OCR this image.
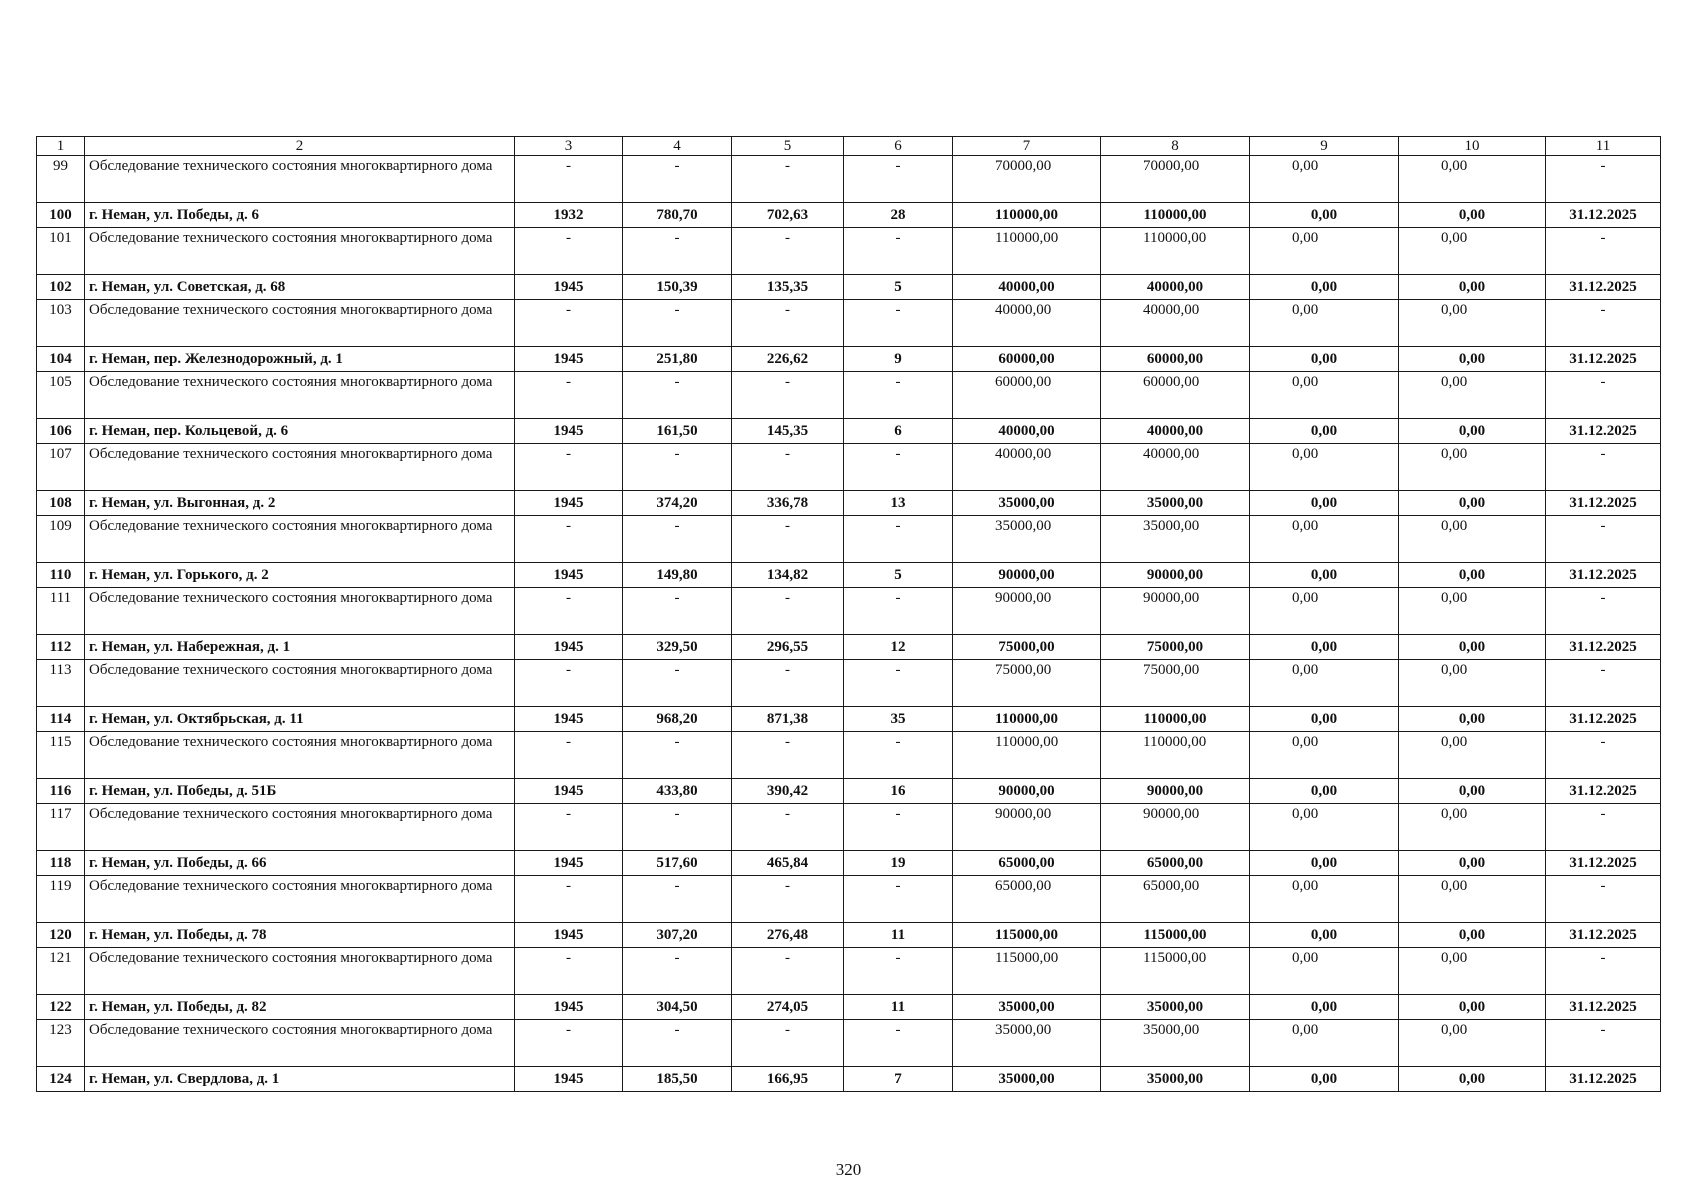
1	2	3	4	5	6	7	8	9	10	11
99	Обследование технического состояния многоквартирного дома	-	-	-	-	70000,00	70000,00	0,00	0,00	-
100	г. Неман, ул. Победы, д. 6	1932	780,70	702,63	28	110000,00	110000,00	0,00	0,00	31.12.2025
101	Обследование технического состояния многоквартирного дома	-	-	-	-	110000,00	110000,00	0,00	0,00	-
102	г. Неман, ул. Советская, д. 68	1945	150,39	135,35	5	40000,00	40000,00	0,00	0,00	31.12.2025
103	Обследование технического состояния многоквартирного дома	-	-	-	-	40000,00	40000,00	0,00	0,00	-
104	г. Неман, пер. Железнодорожный, д. 1	1945	251,80	226,62	9	60000,00	60000,00	0,00	0,00	31.12.2025
105	Обследование технического состояния многоквартирного дома	-	-	-	-	60000,00	60000,00	0,00	0,00	-
106	г. Неман, пер. Кольцевой, д. 6	1945	161,50	145,35	6	40000,00	40000,00	0,00	0,00	31.12.2025
107	Обследование технического состояния многоквартирного дома	-	-	-	-	40000,00	40000,00	0,00	0,00	-
108	г. Неман, ул. Выгонная, д. 2	1945	374,20	336,78	13	35000,00	35000,00	0,00	0,00	31.12.2025
109	Обследование технического состояния многоквартирного дома	-	-	-	-	35000,00	35000,00	0,00	0,00	-
110	г. Неман, ул. Горького, д. 2	1945	149,80	134,82	5	90000,00	90000,00	0,00	0,00	31.12.2025
111	Обследование технического состояния многоквартирного дома	-	-	-	-	90000,00	90000,00	0,00	0,00	-
112	г. Неман, ул. Набережная, д. 1	1945	329,50	296,55	12	75000,00	75000,00	0,00	0,00	31.12.2025
113	Обследование технического состояния многоквартирного дома	-	-	-	-	75000,00	75000,00	0,00	0,00	-
114	г. Неман, ул. Октябрьская, д. 11	1945	968,20	871,38	35	110000,00	110000,00	0,00	0,00	31.12.2025
115	Обследование технического состояния многоквартирного дома	-	-	-	-	110000,00	110000,00	0,00	0,00	-
116	г. Неман, ул. Победы, д. 51Б	1945	433,80	390,42	16	90000,00	90000,00	0,00	0,00	31.12.2025
117	Обследование технического состояния многоквартирного дома	-	-	-	-	90000,00	90000,00	0,00	0,00	-
118	г. Неман, ул. Победы, д. 66	1945	517,60	465,84	19	65000,00	65000,00	0,00	0,00	31.12.2025
119	Обследование технического состояния многоквартирного дома	-	-	-	-	65000,00	65000,00	0,00	0,00	-
120	г. Неман, ул. Победы, д. 78	1945	307,20	276,48	11	115000,00	115000,00	0,00	0,00	31.12.2025
121	Обследование технического состояния многоквартирного дома	-	-	-	-	115000,00	115000,00	0,00	0,00	-
122	г. Неман, ул. Победы, д. 82	1945	304,50	274,05	11	35000,00	35000,00	0,00	0,00	31.12.2025
123	Обследование технического состояния многоквартирного дома	-	-	-	-	35000,00	35000,00	0,00	0,00	-
124	г. Неман, ул. Свердлова, д. 1	1945	185,50	166,95	7	35000,00	35000,00	0,00	0,00	31.12.2025
320
